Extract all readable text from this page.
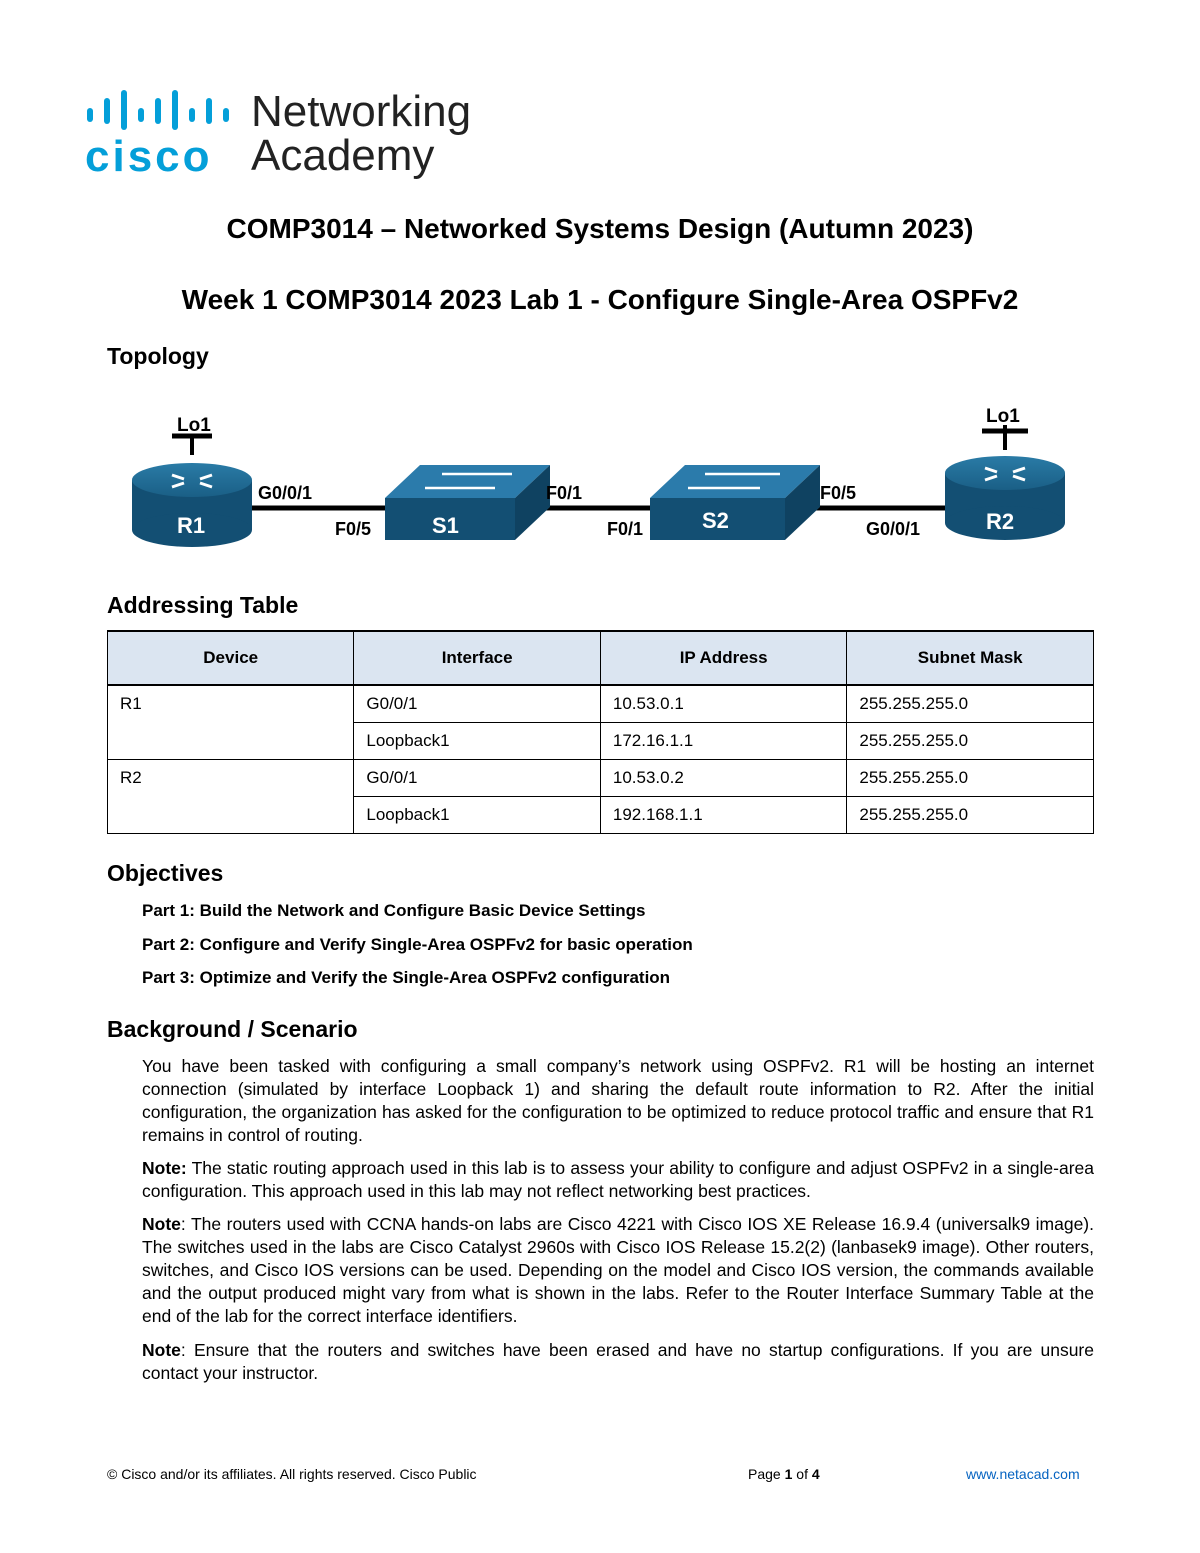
cisco
Networking
Academy
COMP3014 – Networked Systems Design (Autumn 2023)
Week 1 COMP3014 2023 Lab 1 - Configure Single-Area OSPFv2
Topology
Lo1
R1	S1	S2
Lo1
R2
G0/0/1
F0/5
F0/1
F0/1
F0/5
G0/0/1
Addressing Table
Device	Interface	IP Address	Subnet Mask
R1	G0/0/1	10.53.0.1	255.255.255.0
	Loopback1	172.16.1.1	255.255.255.0
R2	G0/0/1	10.53.0.2	255.255.255.0
	Loopback1	192.168.1.1	255.255.255.0
Objectives
Part 1: Build the Network and Configure Basic Device Settings
Part 2: Configure and Verify Single-Area OSPFv2 for basic operation
Part 3: Optimize and Verify the Single-Area OSPFv2 configuration
Background / Scenario
You have been tasked with configuring a small company’s network using OSPFv2. R1 will be hosting an internet connection (simulated by interface Loopback 1) and sharing the default route information to R2. After the initial configuration, the organization has asked for the configuration to be optimized to reduce protocol traffic and ensure that R1 remains in control of routing.
Note: The static routing approach used in this lab is to assess your ability to configure and adjust OSPFv2 in a single-area configuration. This approach used in this lab may not reflect networking best practices.
Note: The routers used with CCNA hands-on labs are Cisco 4221 with Cisco IOS XE Release 16.9.4 (universalk9 image). The switches used in the labs are Cisco Catalyst 2960s with Cisco IOS Release 15.2(2) (lanbasek9 image). Other routers, switches, and Cisco IOS versions can be used. Depending on the model and Cisco IOS version, the commands available and the output produced might vary from what is shown in the labs. Refer to the Router Interface Summary Table at the end of the lab for the correct interface identifiers.
Note: Ensure that the routers and switches have been erased and have no startup configurations. If you are unsure contact your instructor.
© Cisco and/or its affiliates. All rights reserved. Cisco Public	Page 1 of 4	www.netacad.com
